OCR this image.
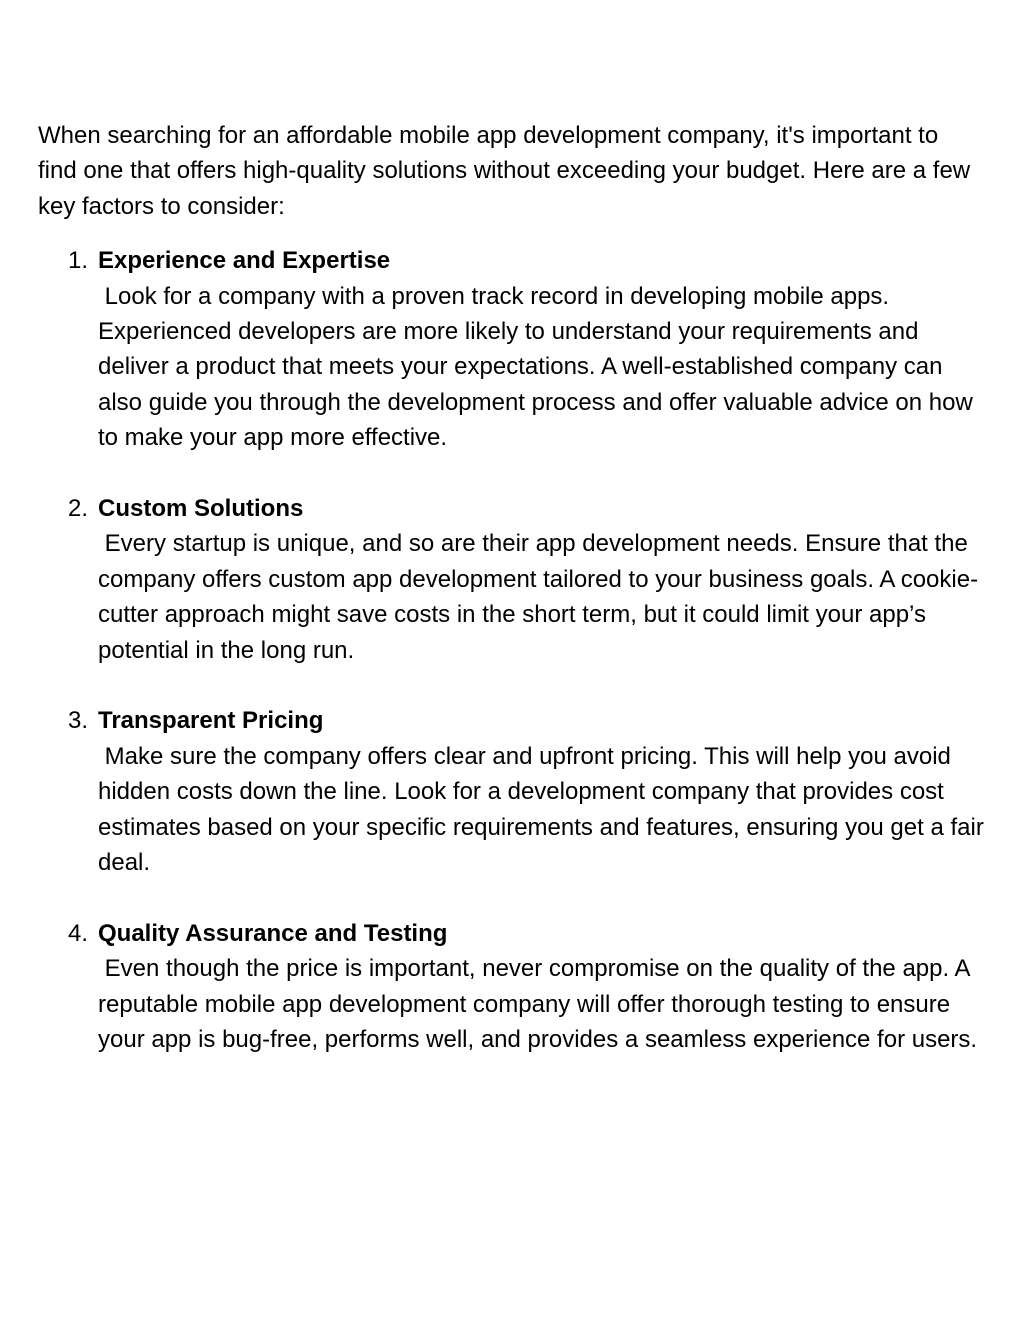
When searching for an affordable mobile app development company, it's important to find one that offers high-quality solutions without exceeding your budget. Here are a few key factors to consider:

1. Experience and Expertise
Look for a company with a proven track record in developing mobile apps. Experienced developers are more likely to understand your requirements and deliver a product that meets your expectations. A well-established company can also guide you through the development process and offer valuable advice on how to make your app more effective.
2. Custom Solutions
Every startup is unique, and so are their app development needs. Ensure that the company offers custom app development tailored to your business goals. A cookie-cutter approach might save costs in the short term, but it could limit your app’s potential in the long run.
3. Transparent Pricing
Make sure the company offers clear and upfront pricing. This will help you avoid hidden costs down the line. Look for a development company that provides cost estimates based on your specific requirements and features, ensuring you get a fair deal.
4. Quality Assurance and Testing
Even though the price is important, never compromise on the quality of the app. A reputable mobile app development company will offer thorough testing to ensure your app is bug-free, performs well, and provides a seamless experience for users.
